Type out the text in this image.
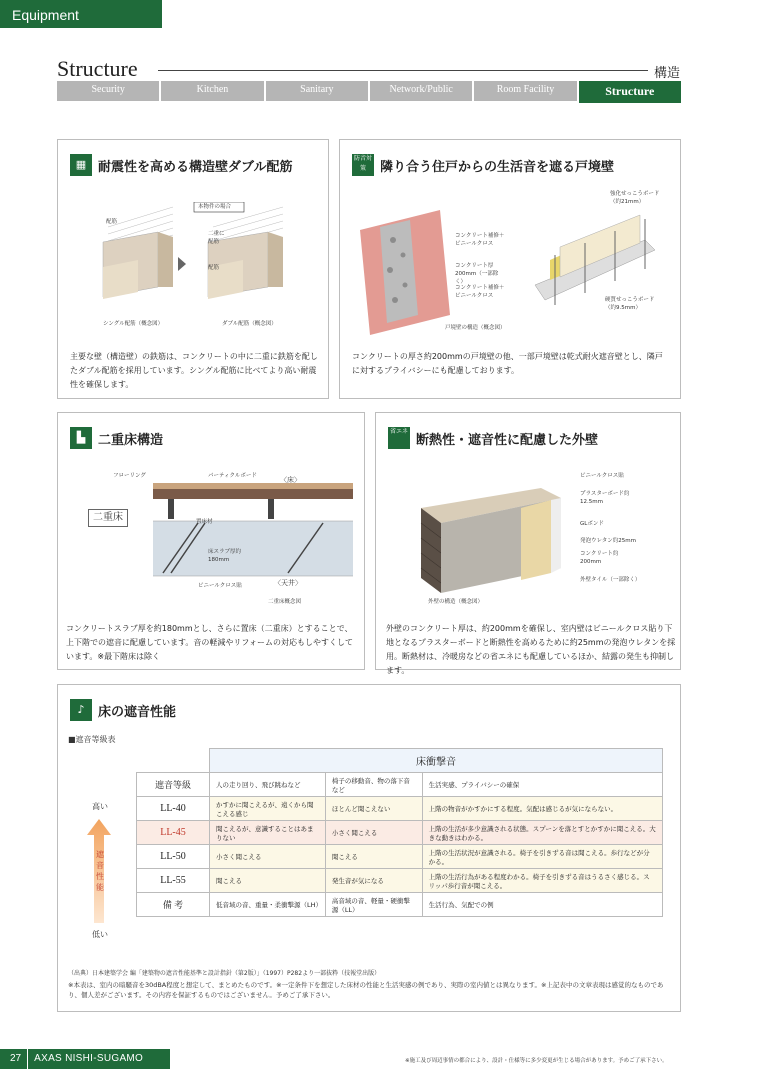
Equipment
Structure	構造
Security	Kitchen	Sanitary	Network/Public	Room Facility	Structure
▦ 耐震性を高める構造壁ダブル配筋
本物件の場合
配筋
二重に配筋
配筋
シングル配筋（概念図）	ダブル配筋（概念図）
主要な壁（構造壁）の鉄筋は、コンクリートの中に二重に鉄筋を配したダブル配筋を採用しています。シングル配筋に比べてより高い耐震性を確保します。
防音対策	隣り合う住戸からの生活音を遮る戸境壁
コンクリート補修＋ビニールクロス
コンクリート厚200mm（一部除く）
コンクリート補修＋ビニールクロス
戸境壁の構造（概念図）
強化せっこうボード（約21mm）
硬質せっこうボード（約9.5mm）
コンクリートの厚さ約200mmの戸境壁の他、一部戸境壁は乾式耐火遮音壁とし、隣戸に対するプライバシーにも配慮しております。
▙ 二重床構造
フローリング	パーティクルボード	〈床〉
二重床	置床材
床スラブ厚約180mm
ビニールクロス貼	〈天井〉
二重床概念図
コンクリートスラブ厚を約180mmとし、さらに置床（二重床）とすることで、上下階での遮音に配慮しています。音の軽減やリフォームの対応もしやすくしています。※最下階床は除く
省エネ
断熱性・遮音性に配慮した外壁
ビニールクロス貼
プラスターボード約12.5mm
GLボンド
発泡ウレタン約25mm
コンクリート約200mm
外壁タイル（一部除く）
外壁の構造（概念図）
外壁のコンクリート厚は、約200mmを確保し、室内壁はビニールクロス貼り下地となるプラスターボードと断熱性を高めるために約25mmの発泡ウレタンを採用。断熱材は、冷暖房などの省エネにも配慮しているほか、結露の発生も抑制します。
♪	床の遮音性能
■遮音等級表
高い
遮音性能
低い
（出典）日本建築学会 編「建築物の遮音性能基準と設計指針（第2版）」（1997）P282より一部抜粋（技報堂出版）
※本表は、室内の暗騒音を30dBA程度と想定して、まとめたものです。※一定条件下を想定した床材の性能と生活実感の例であり、実際の室内値とは異なります。※上記表中の文章表現は感覚的なものであり、個人差がございます。その内容を保証するものではございません。予めご了承下さい。
	床衝撃音		
遮音等級	人の走り回り、飛び跳ねなど	椅子の移動音、物の落下音など	生活実感、プライバシーの確保
LL-40	かすかに聞こえるが、遠くから聞こえる感じ	ほとんど聞こえない	上階の物音がかすかにする程度。気配は感じるが気にならない。
LL-45	聞こえるが、意識することはあまりない	小さく聞こえる	上階の生活が多少意識される状態。スプーンを落とすとかすかに聞こえる。大きな動きはわかる。
LL-50	小さく聞こえる	聞こえる	上階の生活状況が意識される。椅子を引きずる音は聞こえる。歩行などが分かる。
LL-55	聞こえる	発生音が気になる	上階の生活行為がある程度わかる。椅子を引きずる音はうるさく感じる。スリッパ歩行音が聞こえる。
備 考	低音域の音、重量・柔衝撃源（LH）	高音域の音、軽量・硬衝撃源（LL）	生活行為、気配での例
27	AXAS NISHI-SUGAMO	※施工及び周辺事情の都合により、設計・仕様等に多少変更が生じる場合があります。予めご了承下さい。
